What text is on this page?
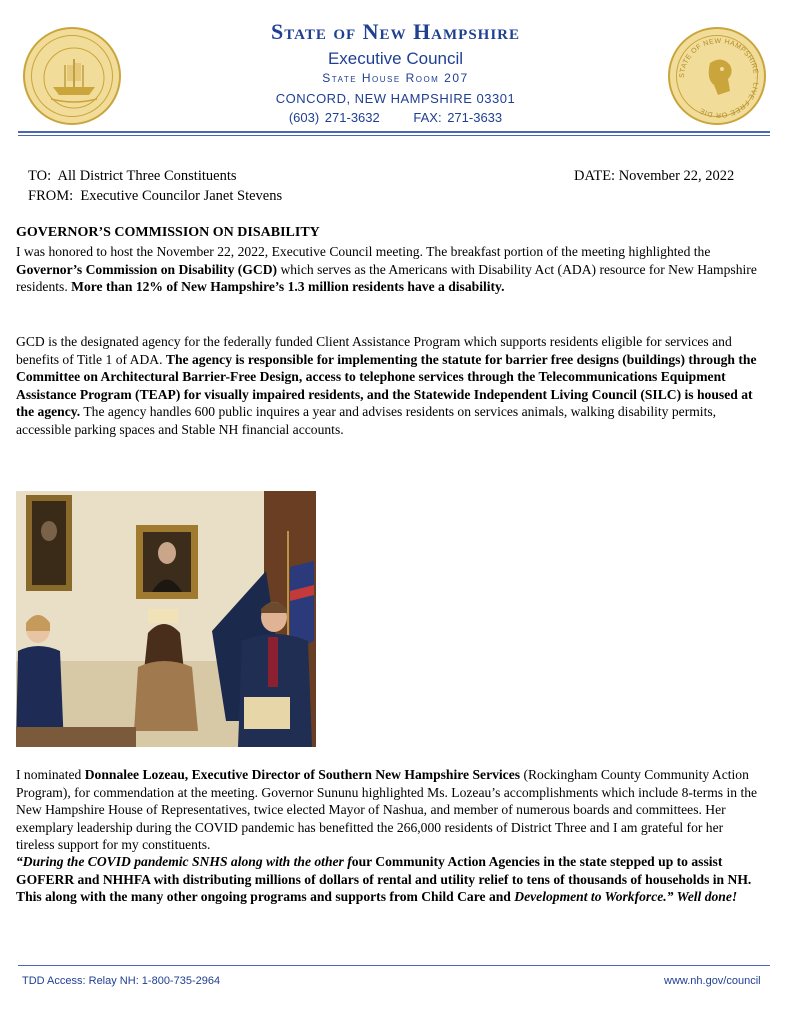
State of New Hampshire
Executive Council
State House Room 207
CONCORD, NEW HAMPSHIRE 03301
(603) 271-3632      FAX: 271-3633
STATE OF NEW HAMPSHIRE · LIVE FREE OR DIE
TO:  All District Three Constituents
FROM:  Executive Councilor Janet Stevens
DATE: November 22, 2022
GOVERNOR’S COMMISSION ON DISABILITY
I was honored to host the November 22, 2022, Executive Council meeting. The breakfast portion of the meeting highlighted the Governor’s Commission on Disability (GCD) which serves as the Americans with Disability Act (ADA) resource for New Hampshire residents. More than 12% of New Hampshire’s 1.3 million residents have a disability.
GCD is the designated agency for the federally funded Client Assistance Program which supports residents eligible for services and benefits of Title 1 of ADA. The agency is responsible for implementing the statute for barrier free designs (buildings) through the Committee on Architectural Barrier-Free Design, access to telephone services through the Telecommunications Equipment Assistance Program (TEAP) for visually impaired residents, and the Statewide Independent Living Council (SILC) is housed at the agency. The agency handles 600 public inquires a year and advises residents on services animals, walking disability permits, accessible parking spaces and Stable NH financial accounts.
I nominated Donnalee Lozeau, Executive Director of Southern New Hampshire Services (Rockingham County Community Action Program), for commendation at the meeting. Governor Sununu highlighted Ms. Lozeau’s accomplishments which include 8-terms in the New Hampshire House of Representatives, twice elected Mayor of Nashua, and member of numerous boards and committees. Her exemplary leadership during the COVID pandemic has benefitted the 266,000 residents of District Three and I am grateful for her tireless support for my constituents.
“During the COVID pandemic SNHS along with the other four Community Action Agencies in the state stepped up to assist GOFERR and NHHFA with distributing millions of dollars of rental and utility relief to tens of thousands of households in NH. This along with the many other ongoing programs and supports from Child Care and Development to Workforce.” Well done!
TDD Access: Relay NH: 1-800-735-2964	www.nh.gov/council
